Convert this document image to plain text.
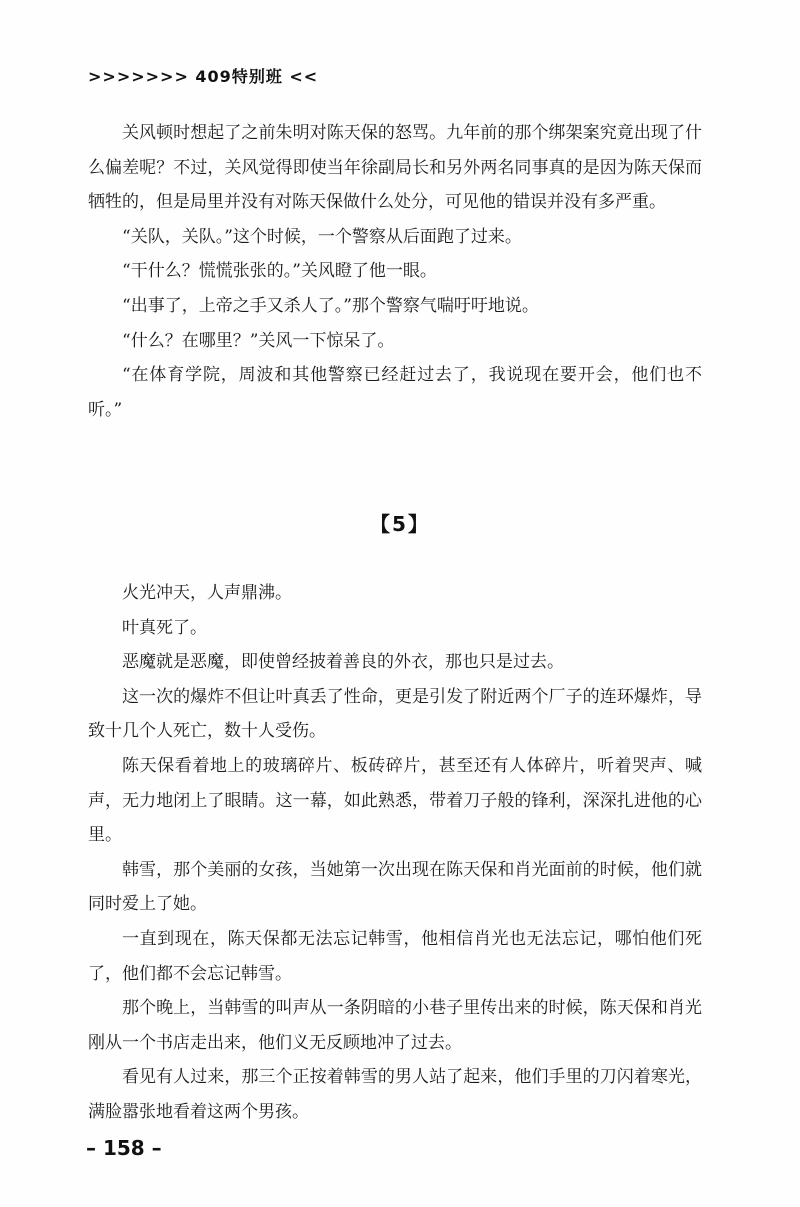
>>>>>>> 409特别班 <<

关风顿时想起了之前朱明对陈天保的怒骂。九年前的那个绑架案究竟出现了什么偏差呢？不过，关风觉得即使当年徐副局长和另外两名同事真的是因为陈天保而牺牲的，但是局里并没有对陈天保做什么处分，可见他的错误并没有多严重。

“关队，关队。”这个时候，一个警察从后面跑了过来。

“干什么？慌慌张张的。”关风瞪了他一眼。

“出事了，上帝之手又杀人了。”那个警察气喘吁吁地说。

“什么？在哪里？”关风一下惊呆了。

“在体育学院，周波和其他警察已经赶过去了，我说现在要开会，他们也不听。”

【5】

火光冲天，人声鼎沸。

叶真死了。

恶魔就是恶魔，即使曾经披着善良的外衣，那也只是过去。

这一次的爆炸不但让叶真丢了性命，更是引发了附近两个厂子的连环爆炸，导致十几个人死亡，数十人受伤。

陈天保看着地上的玻璃碎片、板砖碎片，甚至还有人体碎片，听着哭声、喊声，无力地闭上了眼睛。这一幕，如此熟悉，带着刀子般的锋利，深深扎进他的心里。

韩雪，那个美丽的女孩，当她第一次出现在陈天保和肖光面前的时候，他们就同时爱上了她。

一直到现在，陈天保都无法忘记韩雪，他相信肖光也无法忘记，哪怕他们死了，他们都不会忘记韩雪。

那个晚上，当韩雪的叫声从一条阴暗的小巷子里传出来的时候，陈天保和肖光刚从一个书店走出来，他们义无反顾地冲了过去。

看见有人过来，那三个正按着韩雪的男人站了起来，他们手里的刀闪着寒光，满脸嚣张地看着这两个男孩。

– 158 –
